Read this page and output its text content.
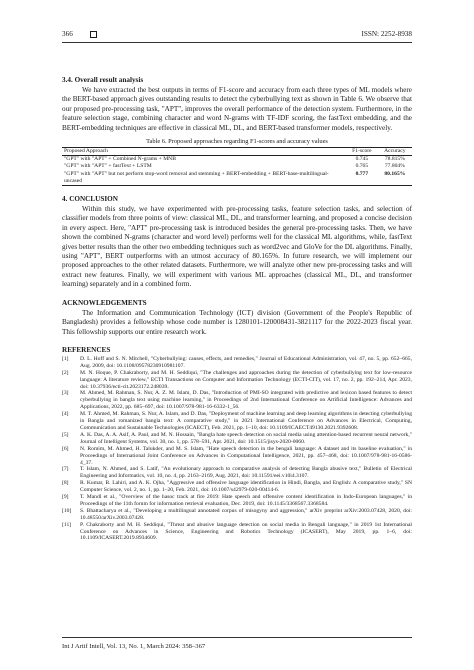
366	ISSN: 2252-8938
3.4. Overall result analysis

We have extracted the best outputs in terms of F1-score and accuracy from each three types of ML models where the BERT-based approach gives outstanding results to detect the cyberbullying text as shown in Table 6. We observe that our proposed pre-processing task, "APT", improves the overall performance of the detection system. Furthermore, in the feature selection stage, combining character and word N-grams with TF-IDF scoring, the fastText embedding, and the BERT-embedding techniques are effective in classical ML, DL, and BERT-based transformer models, respectively.

Table 6. Proposed approaches regarding F1-scores and accuracy values
Proposed Approach	F1-score	Accuracy
"GPT" with "APT" + Combined N-grams + MNB	0.745	78.815%
"GPT" with "APT" + fastText + LSTM	0.765	77.804%
"GPT" with "APT" but not perform stop-word removal and stemming + BERT-embedding + BERT-base-multilingual-uncased	0.777	80.165%
4. CONCLUSION

Within this study, we have experimented with pre-processing tasks, feature selection tasks, and selection of classifier models from three points of view: classical ML, DL, and transformer learning, and proposed a concise decision in every aspect. Here, "APT" pre-processing task is introduced besides the general pre-processing tasks. Then, we have shown the combined N-grams (character and word level) performs well for the classical ML algorithms, while, fastText gives better results than the other two embedding techniques such as word2vec and GloVe for the DL algorithms. Finally, using "APT", BERT outperforms with an utmost accuracy of 80.165%. In future research, we will implement our proposed approaches to the other related datasets. Furthermore, we will analyze other new pre-processing tasks and will extract new features. Finally, we will experiment with various ML approaches (classical ML, DL, and transformer learning) separately and in a combined form.

ACKNOWLEDGEMENTS

The Information and Communication Technology (ICT) division (Government of the People's Republic of Bangladesh) provides a fellowship whose code number is 1280101-120008431-3821117 for the 2022-2023 fiscal year. This fellowship supports our entire research work.

REFERENCES

[1] D. L. Hoff and S. N. Mitchell, "Cyberbullying: causes, effects, and remedies," Journal of Educational Administration, vol. 47, no. 5, pp. 652–665, Aug. 2009, doi: 10.1108/09578230910981107.

[2] M. N. Hoque, P. Chakraborty, and M. H. Seddiqui, "The challenges and approaches during the detection of cyberbullying text for low-resource language: A literature review," ECTI Transactions on Computer and Information Technology (ECTI-CIT), vol. 17, no. 2, pp. 192–214, Apr. 2023, doi: 10.37936/ecti-cit.2023172.248039.

[3] M. Ahmed, M. Rahman, S. Nur, A. Z. M. Islam, D. Das, "Introduction of PMI-SO integrated with predictive and lexicon based features to detect cyberbullying in bangla text using machine learning," in Proceedings of 2nd International Conference on Artificial Intelligence: Advances and Applications, 2022, pp. 685–697, doi: 10.1007/978-981-16-6332-1_56.

[4] M. T. Ahmed, M. Rahman, S. Nur, A. Islam, and D. Das, "Deployment of machine learning and deep learning algorithms in detecting cyberbullying in Bangla and romanized bangla text: A comparative study," in 2021 International Conference on Advances in Electrical, Computing, Communication and Sustainable Technologies (ICAECT), Feb. 2021, pp. 1–10, doi: 10.1109/ICAECT49130.2021.9392608.

[5] A. K. Das, A. A. Asif, A. Paul, and M. N. Hossain, "Bangla hate speech detection on social media using attention-based recurrent neural network," Journal of Intelligent Systems, vol. 30, no. 1, pp. 578–591, Apr. 2021, doi: 10.1515/jisys-2020-0060.

[6] N. Romim, M. Ahmed, H. Talukder, and M. S. Islam, "Hate speech detection in the bengali language: A dataset and its baseline evaluation," in Proceedings of International Joint Conference on Advances in Computational Intelligence, 2021, pp. 457–468, doi: 10.1007/978-981-16-0586-4_37.

[7] T. Islam, N. Ahmed, and S. Latif, "An evolutionary approach to comparative analysis of detecting Bangla abusive text," Bulletin of Electrical Engineering and Informatics, vol. 10, no. 4, pp. 2163–2169, Aug. 2021, doi: 10.11591/eei.v10i4.3107.

[8] R. Kumar, B. Lahiri, and A. K. Ojha, "Aggressive and offensive language identification in Hindi, Bangla, and English: A comparative study," SN Computer Science, vol. 2, no. 1, pp. 1–20, Feb. 2021, doi: 10.1007/s42979-020-00414-6.

[9] T. Mandl et al., "Overview of the hasoc track at fire 2019: Hate speech and offensive content identification in Indo-European languages," in Proceedings of the 11th forum for information retrieval evaluation, Dec. 2019, doi: 10.1145/3368567.3368584.

[10] S. Bhattacharya et al., "Developing a multilingual annotated corpus of misogyny and aggression," arXiv preprint arXiv:2003.07428, 2020, doi: 10.48550/arXiv.2003.07428.

[11] P. Chakraborty and M. H. Seddiqui, "Threat and abusive language detection on social media in Bengali language," in 2019 1st International Conference on Advances in Science, Engineering and Robotics Technology (ICASERT), May 2019, pp. 1–6, doi: 10.1109/ICASERT.2019.8934609.

Int J Artif Intell, Vol. 13, No. 1, March 2024: 358–367
